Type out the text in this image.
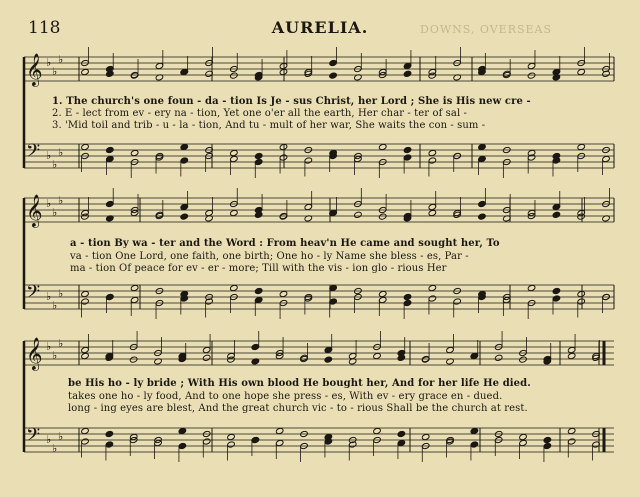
118	AURELIA.	DOWNS, OVERSEAS
𝄞
𝄢
♭
♭
♭
♭
♭
♭
𝄞
𝄢
♭
♭
♭
♭
♭
♭
𝄞
𝄢
♭
♭
♭
♭
♭
♭
1. The church's one foun - da - tion Is Je - sus Christ, her Lord ; She is His new cre -
2. E - lect from ev - ery na - tion, Yet one o'er all the earth, Her char - ter of sal -
3. 'Mid toil and trib - u - la - tion, And tu - mult of her war, She waits the con - sum -
a - tion By wa - ter and the Word : From heav'n He came and sought her, To
va - tion One Lord, one faith, one birth; One ho - ly Name she bless - es, Par -
ma - tion Of peace for ev - er - more; Till with the vis - ion glo - rious Her
be His ho - ly bride ; With His own blood He bought her, And for her life He died.
takes one ho - ly food, And to one hope she press - es, With ev - ery grace en - dued.
long - ing eyes are blest, And the great church vic - to - rious Shall be the church at rest.
